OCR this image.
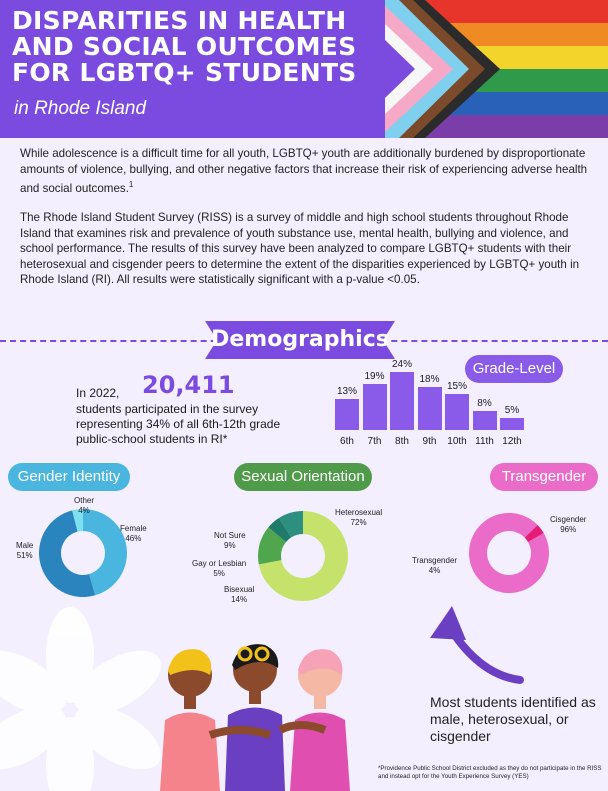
DISPARITIES IN HEALTH
AND SOCIAL OUTCOMES
FOR LGBTQ+ STUDENTS
in Rhode Island

While adolescence is a difficult time for all youth, LGBTQ+ youth are additionally burdened by disproportionate amounts of violence, bullying, and other negative factors that increase their risk of experiencing adverse health and social outcomes.$^1$

The Rhode Island Student Survey (RISS) is a survey of middle and high school students throughout Rhode Island that examines risk and prevalence of youth substance use, mental health, bullying and violence, and school performance. The results of this survey have been analyzed to compare LGBTQ+ students with their heterosexual and cisgender peers to determine the extent of the disparities experienced by LGBTQ+ youth in Rhode Island (RI). All results were statistically significant with a p-value <0.05.

Demographics
In 2022, 20,411
students participated in the survey representing 34% of all 6th-12th grade public-school students in RI*
Grade-Level
13%
6th
19%
7th
24%
8th
18%
9th
15%
10th
8%
11th
5%
12th
Gender Identity	Sexual Orientation	Transgender
Other
4%
Female
46%
Male
51%
Heterosexual
72%
Not Sure
9%
Gay or Lesbian
5%
Bisexual
14%
Cisgender
96%
Transgender
4%
Most students identified as male, heterosexual, or cisgender
*Providence Public School District excluded as they do not participate in the RISS and instead opt for the Youth Experience Survey (YES)
